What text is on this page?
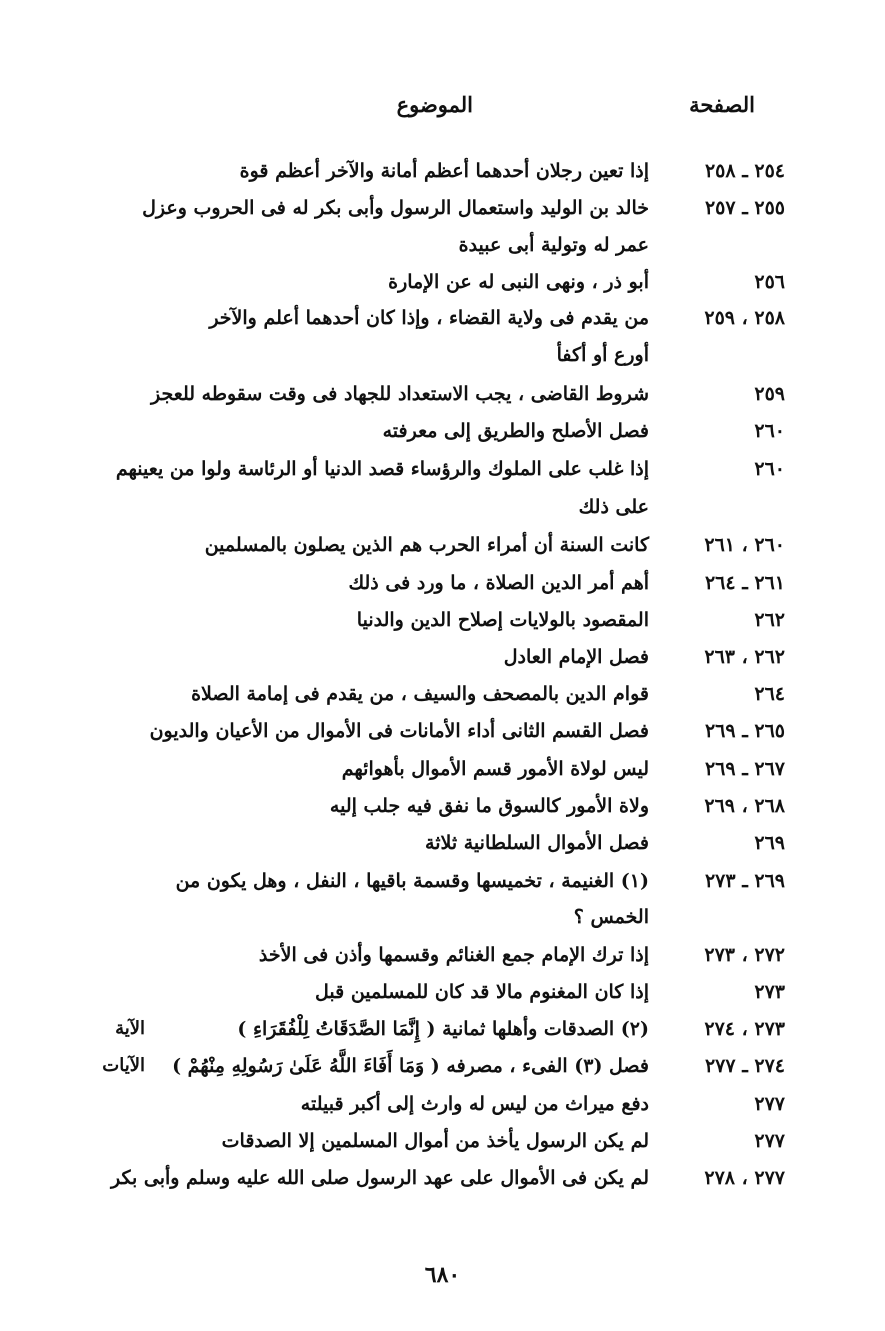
الصفحة
الموضوع
٢٥٤ ـ ٢٥٨
إذا تعين رجلان أحدهما أعظم أمانة والآخر أعظم قوة
٢٥٥ ـ ٢٥٧
خالد بن الوليد واستعمال الرسول وأبى بكر له فى الحروب وعزل
عمر له وتولية أبى عبيدة
٢٥٦
أبو ذر ، ونهى النبى له عن الإمارة
٢٥٨ ، ٢٥٩
من يقدم فى ولاية القضاء ، وإذا كان أحدهما أعلم والآخر
أورع أو أكفأ
٢٥٩
شروط القاضى ، يجب الاستعداد للجهاد فى وقت سقوطه للعجز
٢٦٠
فصل الأصلح والطريق إلى معرفته
٢٦٠
إذا غلب على الملوك والرؤساء قصد الدنيا أو الرئاسة ولوا من يعينهم
على ذلك
٢٦٠ ، ٢٦١
كانت السنة أن أمراء الحرب هم الذين يصلون بالمسلمين
٢٦١ ـ ٢٦٤
أهم أمر الدين الصلاة ، ما ورد فى ذلك
٢٦٢
المقصود بالولايات إصلاح الدين والدنيا
٢٦٢ ، ٢٦٣
فصل الإمام العادل
٢٦٤
قوام الدين بالمصحف والسيف ، من يقدم فى إمامة الصلاة
٢٦٥ ـ ٢٦٩
فصل القسم الثانى أداء الأمانات فى الأموال من الأعيان والديون
٢٦٧ ـ ٢٦٩
ليس لولاة الأمور قسم الأموال بأهوائهم
٢٦٨ ، ٢٦٩
ولاة الأمور كالسوق ما نفق فيه جلب إليه
٢٦٩
فصل الأموال السلطانية ثلاثة
٢٦٩ ـ ٢٧٣
(١) الغنيمة ، تخميسها وقسمة باقيها ، النفل ، وهل يكون من
الخمس ؟
٢٧٢ ، ٢٧٣
إذا ترك الإمام جمع الغنائم وقسمها وأذن فى الأخذ
٢٧٣
إذا كان المغنوم مالا قد كان للمسلمين قبل
٢٧٣ ، ٢٧٤
(٢) الصدقات وأهلها ثمانية ( إِنَّمَا الصَّدَقَاتُ لِلْفُقَرَاءِ )
الآية
٢٧٤ ـ ٢٧٧
فصل (٣) الفىء ، مصرفه ( وَمَا أَفَاءَ اللَّهُ عَلَىٰ رَسُولِهِ مِنْهُمْ )
الآيات
٢٧٧
دفع ميراث من ليس له وارث إلى أكبر قبيلته
٢٧٧
لم يكن الرسول يأخذ من أموال المسلمين إلا الصدقات
٢٧٧ ، ٢٧٨
لم يكن فى الأموال على عهد الرسول صلى الله عليه وسلم وأبى بكر
٦٨٠
